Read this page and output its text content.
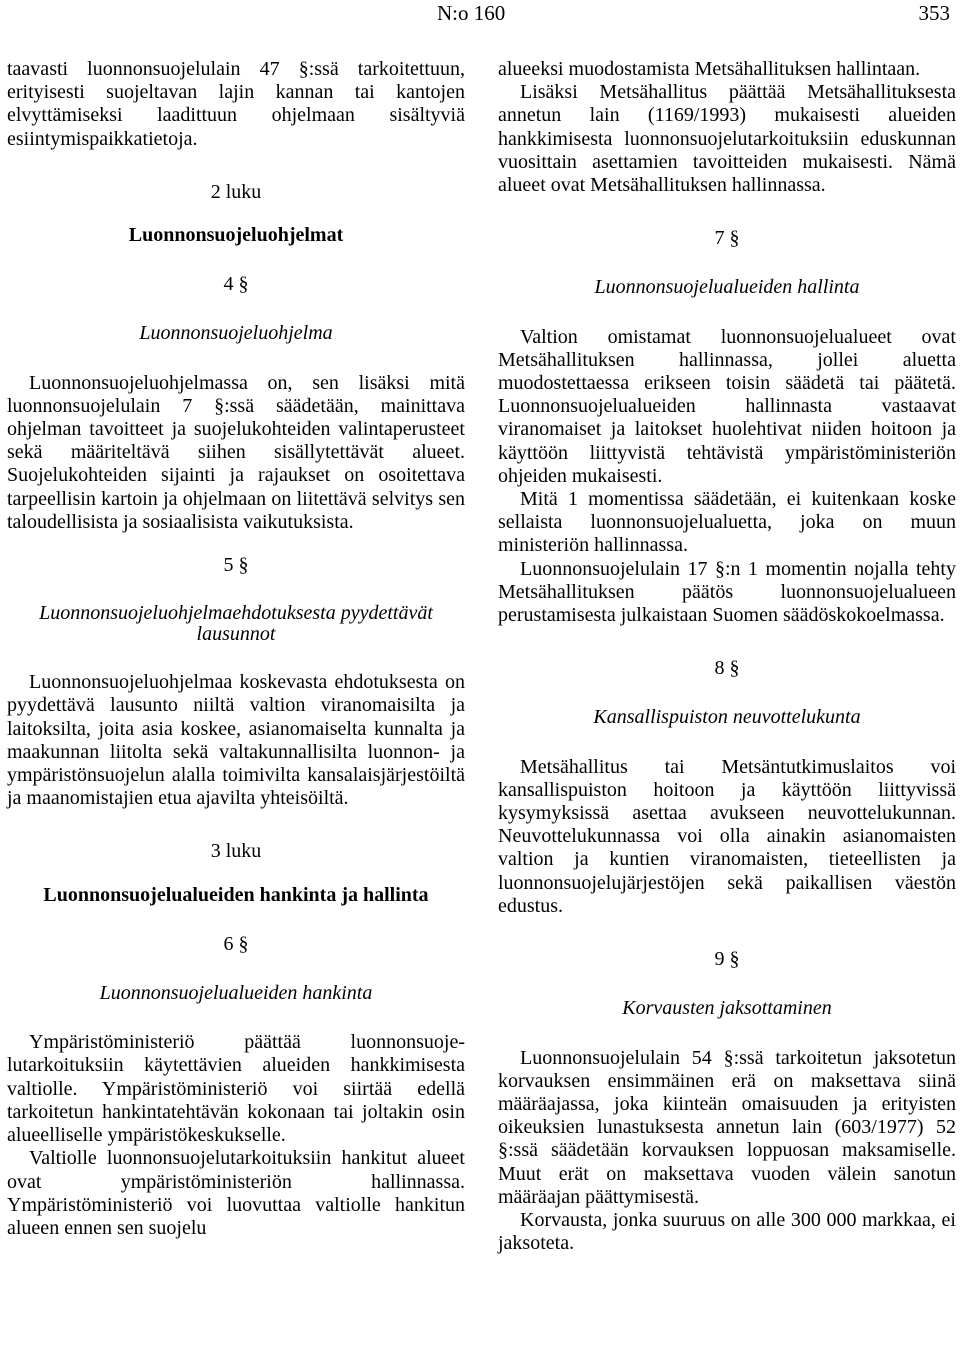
N:o 160	353

taavasti luonnonsuojelulain 47 §:ssä tarkoitettuun, erityisesti suojeltavan lajin kannan tai kantojen elvyttämiseksi laadittuun ohjelmaan sisältyviä esiintymispaikkatietoja.

2 luku
Luonnonsuojeluohjelmat
4 §
Luonnonsuojeluohjelma

Luonnonsuojeluohjelmassa on, sen lisäksi mitä luonnonsuojelulain 7 §:ssä säädetään, mainittava ohjelman tavoitteet ja suojelukohteiden valintaperusteet sekä määriteltävä siihen sisällytettävät alueet. Suojelukohteiden sijainti ja rajaukset on osoitettava tarpeellisin kartoin ja ohjelmaan on liitettävä selvitys sen taloudellisista ja sosiaalisista vaikutuksista.

5 §
Luonnonsuojeluohjelmaehdotuksesta pyydettävät lausunnot

Luonnonsuojeluohjelmaa koskevasta ehdotuksesta on pyydettävä lausunto niiltä valtion viranomaisilta ja laitoksilta, joita asia koskee, asianomaiselta kunnalta ja maakunnan liitolta sekä valtakunnallisilta luonnon- ja ympäristönsuojelun alalla toimivilta kansalaisjärjestöiltä ja maanomistajien etua ajavilta yhteisöiltä.

3 luku
Luonnonsuojelualueiden hankinta ja hallinta
6 §
Luonnonsuojelualueiden hankinta

Ympäristöministeriö päättää luonnonsuojelutarkoituksiin käytettävien alueiden hankkimisesta valtiolle. Ympäristöministeriö voi siirtää edellä tarkoitetun hankintatehtävän kokonaan tai joltakin osin alueelliselle ympäristökeskukselle.

Valtiolle luonnonsuojelutarkoituksiin hankitut alueet ovat ympäristöministeriön hallinnassa. Ympäristöministeriö voi luovuttaa valtiolle hankitun alueen ennen sen suojelu

alueeksi muodostamista Metsähallituksen hallintaan.

Lisäksi Metsähallitus päättää Metsähallituksesta annetun lain (1169/1993) mukaisesti alueiden hankkimisesta luonnonsuojelutarkoituksiin eduskunnan vuosittain asettamien tavoitteiden mukaisesti. Nämä alueet ovat Metsähallituksen hallinnassa.

7 §
Luonnonsuojelualueiden hallinta

Valtion omistamat luonnonsuojelualueet ovat Metsähallituksen hallinnassa, jollei aluetta muodostettaessa erikseen toisin säädetä tai päätetä. Luonnonsuojelualueiden hallinnasta vastaavat viranomaiset ja laitokset huolehtivat niiden hoitoon ja käyttöön liittyvistä tehtävistä ympäristöministeriön ohjeiden mukaisesti.

Mitä 1 momentissa säädetään, ei kuitenkaan koske sellaista luonnonsuojelualuetta, joka on muun ministeriön hallinnassa.

Luonnonsuojelulain 17 §:n 1 momentin nojalla tehty Metsähallituksen päätös luonnonsuojelualueen perustamisesta julkaistaan Suomen säädöskokoelmassa.

8 §
Kansallispuiston neuvottelukunta

Metsähallitus tai Metsäntutkimuslaitos voi kansallispuiston hoitoon ja käyttöön liittyvissä kysymyksissä asettaa avukseen neuvottelukunnan. Neuvottelukunnassa voi olla ainakin asianomaisten valtion ja kuntien viranomaisten, tieteellisten ja luonnonsuojelujärjestöjen sekä paikallisen väestön edustus.

9 §
Korvausten jaksottaminen

Luonnonsuojelulain 54 §:ssä tarkoitetun jaksotetun korvauksen ensimmäinen erä on maksettava siinä määräajassa, joka kiinteän omaisuuden ja erityisten oikeuksien lunastuksesta annetun lain (603/1977) 52 §:ssä säädetään korvauksen loppuosan maksamiselle. Muut erät on maksettava vuoden välein sanotun määräajan päättymisestä.

Korvausta, jonka suuruus on alle 300 000 markkaa, ei jaksoteta.
